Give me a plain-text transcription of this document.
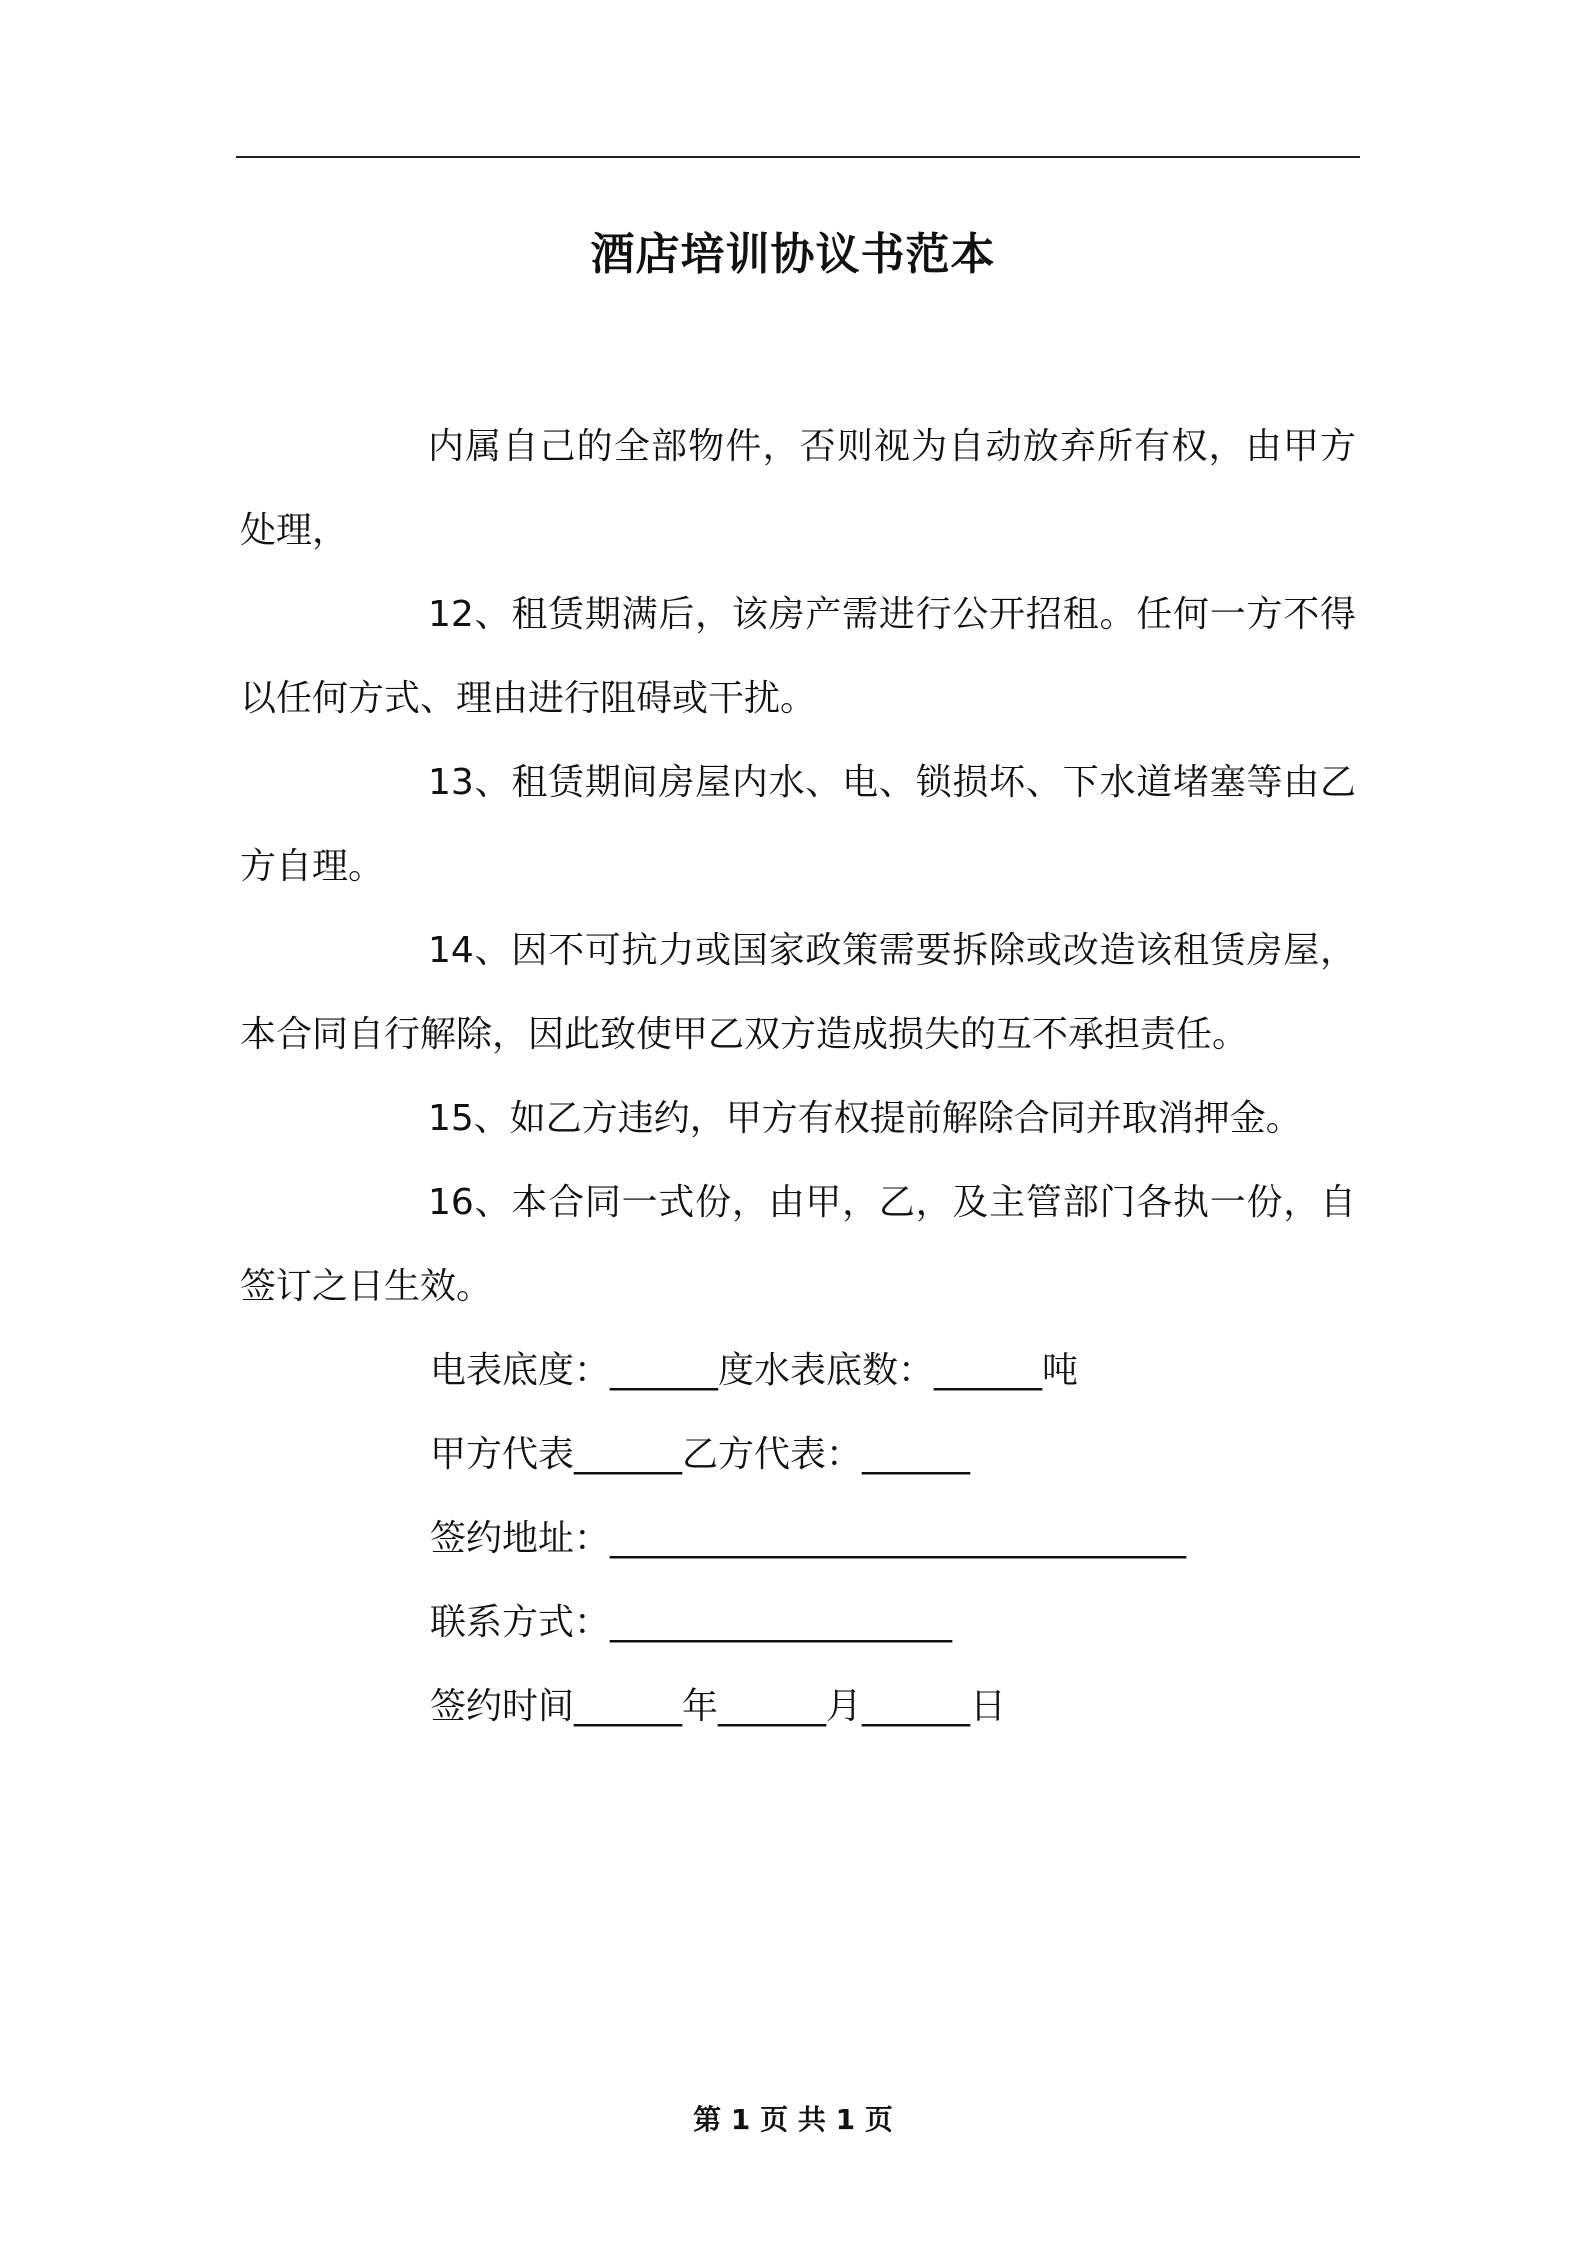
酒店培训协议书范本

内属自己的全部物件，否则视为自动放弃所有权，由甲方处理，

12、租赁期满后，该房产需进行公开招租。任何一方不得以任何方式、理由进行阻碍或干扰。

13、租赁期间房屋内水、电、锁损坏、下水道堵塞等由乙方自理。

14、因不可抗力或国家政策需要拆除或改造该租赁房屋，本合同自行解除，因此致使甲乙双方造成损失的互不承担责任。

15、如乙方违约，甲方有权提前解除合同并取消押金。

16、本合同一式份，由甲，乙，及主管部门各执一份，自签订之日生效。

电表底度：______度水表底数：______吨

甲方代表______乙方代表：______

签约地址：________________________________

联系方式：___________________

签约时间______年______月______日

第 1 页 共 1 页
